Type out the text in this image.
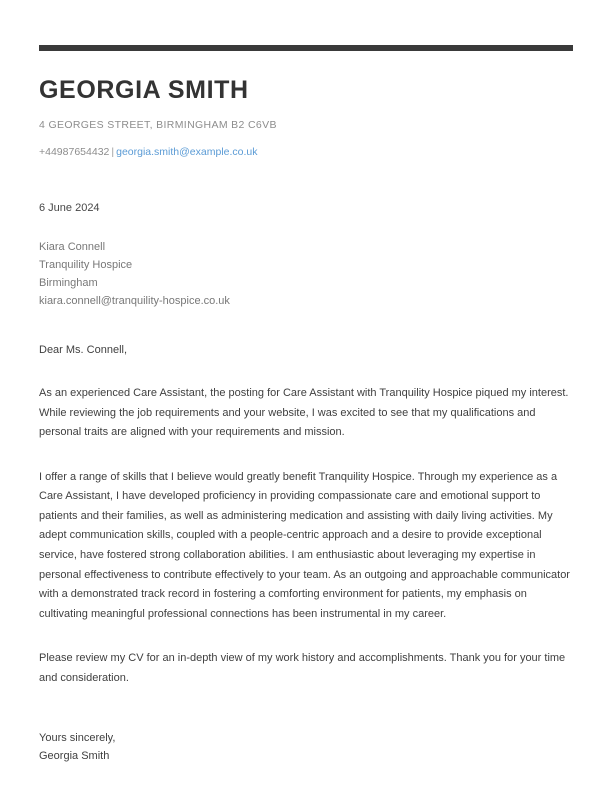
GEORGIA SMITH
4 GEORGES STREET, BIRMINGHAM B2 C6VB
+44987654432 | georgia.smith@example.co.uk
6 June 2024
Kiara Connell
Tranquility Hospice
Birmingham
kiara.connell@tranquility-hospice.co.uk
Dear Ms. Connell,
As an experienced Care Assistant, the posting for Care Assistant with Tranquility Hospice piqued my interest. While reviewing the job requirements and your website, I was excited to see that my qualifications and personal traits are aligned with your requirements and mission.
I offer a range of skills that I believe would greatly benefit Tranquility Hospice. Through my experience as a Care Assistant, I have developed proficiency in providing compassionate care and emotional support to patients and their families, as well as administering medication and assisting with daily living activities. My adept communication skills, coupled with a people-centric approach and a desire to provide exceptional service, have fostered strong collaboration abilities. I am enthusiastic about leveraging my expertise in personal effectiveness to contribute effectively to your team. As an outgoing and approachable communicator with a demonstrated track record in fostering a comforting environment for patients, my emphasis on cultivating meaningful professional connections has been instrumental in my career.
Please review my CV for an in-depth view of my work history and accomplishments. Thank you for your time and consideration.
Yours sincerely,
Georgia Smith
